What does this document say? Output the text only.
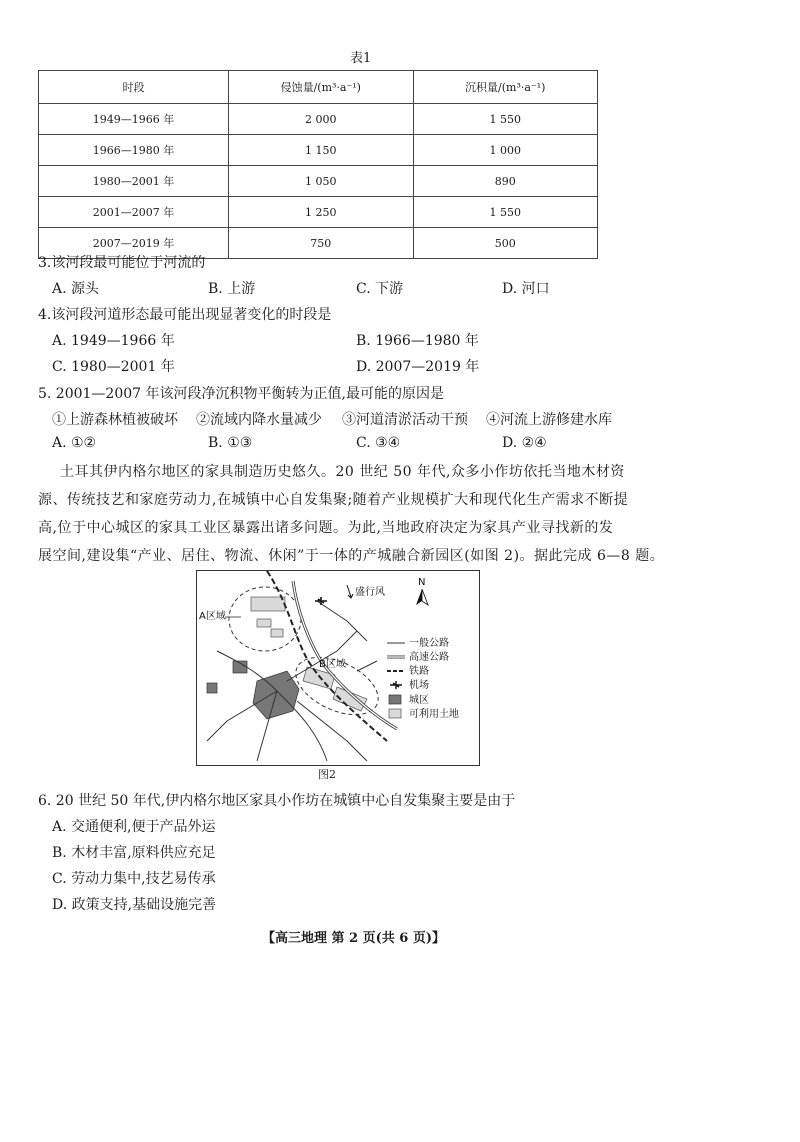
表1
时段	侵蚀量/(m³·a⁻¹)	沉积量/(m³·a⁻¹)
1949—1966 年	2 000	1 550
1966—1980 年	1 150	1 000
1980—2001 年	1 050	890
2001—2007 年	1 250	1 550
2007—2019 年	750	500
3.该河段最可能位于河流的
A. 源头	B. 上游	C. 下游	D. 河口
4.该河段河道形态最可能出现显著变化的时段是
A. 1949—1966 年	B. 1966—1980 年
C. 1980—2001 年	D. 2007—2019 年
5. 2001—2007 年该河段净沉积物平衡转为正值,最可能的原因是
①上游森林植被破坏 ②流域内降水量减少 ③河道清淤活动干预 ④河流上游修建水库
A. ①②	B. ①③	C. ③④	D. ②④
土耳其伊内格尔地区的家具制造历史悠久。20 世纪 50 年代,众多小作坊依托当地木材资
源、传统技艺和家庭劳动力,在城镇中心自发集聚;随着产业规模扩大和现代化生产需求不断提
高,位于中心城区的家具工业区暴露出诸多问题。为此,当地政府决定为家具产业寻找新的发
展空间,建设集“产业、居住、物流、休闲”于一体的产城融合新园区(如图 2)。据此完成 6—8 题。
A区域
B区域
盛行风
N
一般公路
高速公路
铁路
机场
城区
可利用土地
图2
6. 20 世纪 50 年代,伊内格尔地区家具小作坊在城镇中心自发集聚主要是由于
A. 交通便利,便于产品外运
B. 木材丰富,原料供应充足
C. 劳动力集中,技艺易传承
D. 政策支持,基础设施完善
【高三地理 第 2 页(共 6 页)】
